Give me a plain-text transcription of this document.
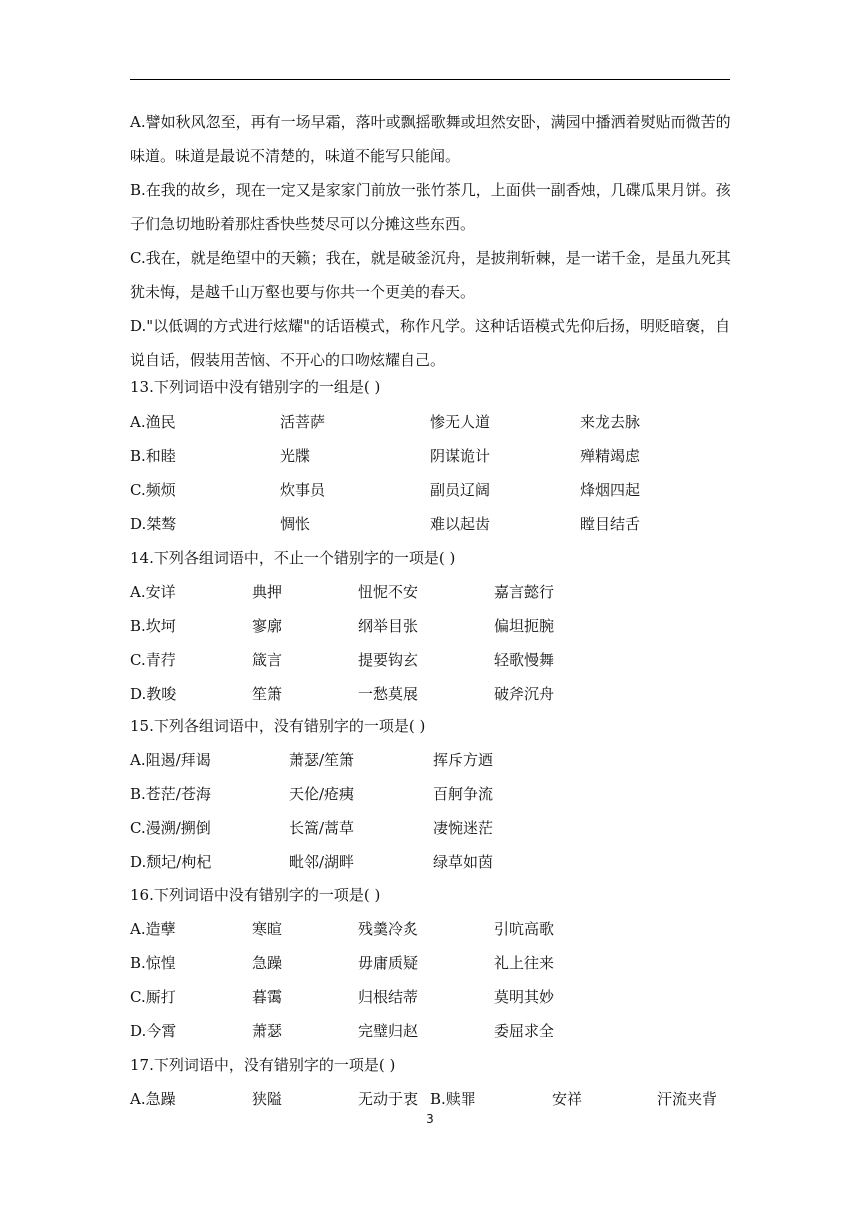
A.譬如秋风忽至，再有一场早霜，落叶或飘摇歌舞或坦然安卧，满园中播洒着熨贴而微苦的
味道。味道是最说不清楚的，味道不能写只能闻。
B.在我的故乡，现在一定又是家家门前放一张竹茶几，上面供一副香烛，几碟瓜果月饼。孩
子们急切地盼着那炷香快些焚尽可以分摊这些东西。
C.我在，就是绝望中的天籁；我在，就是破釜沉舟，是披荆斩棘，是一诺千金，是虽九死其
犹未悔，是越千山万壑也要与你共一个更美的春天。
D."以低调的方式进行炫耀"的话语模式，称作凡学。这种话语模式先仰后扬，明贬暗褒，自
说自话，假装用苦恼、不开心的口吻炫耀自己。
13.下列词语中没有错别字的一组是( )
A.渔民	活菩萨	惨无人道	来龙去脉
B.和睦	光牒	阴谋诡计	殚精竭虑
C.频烦	炊事员	副员辽阔	烽烟四起
D.桀骜	惆怅	难以起齿	瞠目结舌
14.下列各组词语中，不止一个错别字的一项是( )
A.安详	典押	忸怩不安	嘉言懿行
B.坎坷	寥廓	纲举目张	偏坦扼腕
C.青荇	箴言	提要钩玄	轻歌慢舞
D.教唆	笙箫	一愁莫展	破斧沉舟
15.下列各组词语中，没有错别字的一项是( )
A.阻遏/拜谒	萧瑟/笙箫	挥斥方迺
B.苍茫/苍海	天伦/疮痍	百舸争流
C.漫溯/搠倒	长篙/蒿草	凄惋迷茫
D.颓圮/枸杞	毗邻/湖畔	绿草如茵
16.下列词语中没有错别字的一项是( )
A.造孽	寒暄	残羹冷炙	引吭高歌
B.惊惶	急躁	毋庸质疑	礼上往来
C.厮打	暮霭	归根结蒂	莫明其妙
D.今霄	萧瑟	完璧归赵	委屈求全
17.下列词语中，没有错别字的一项是( )
A.急躁	狭隘	无动于衷 B.赎罪	安祥	汗流夹背
3
